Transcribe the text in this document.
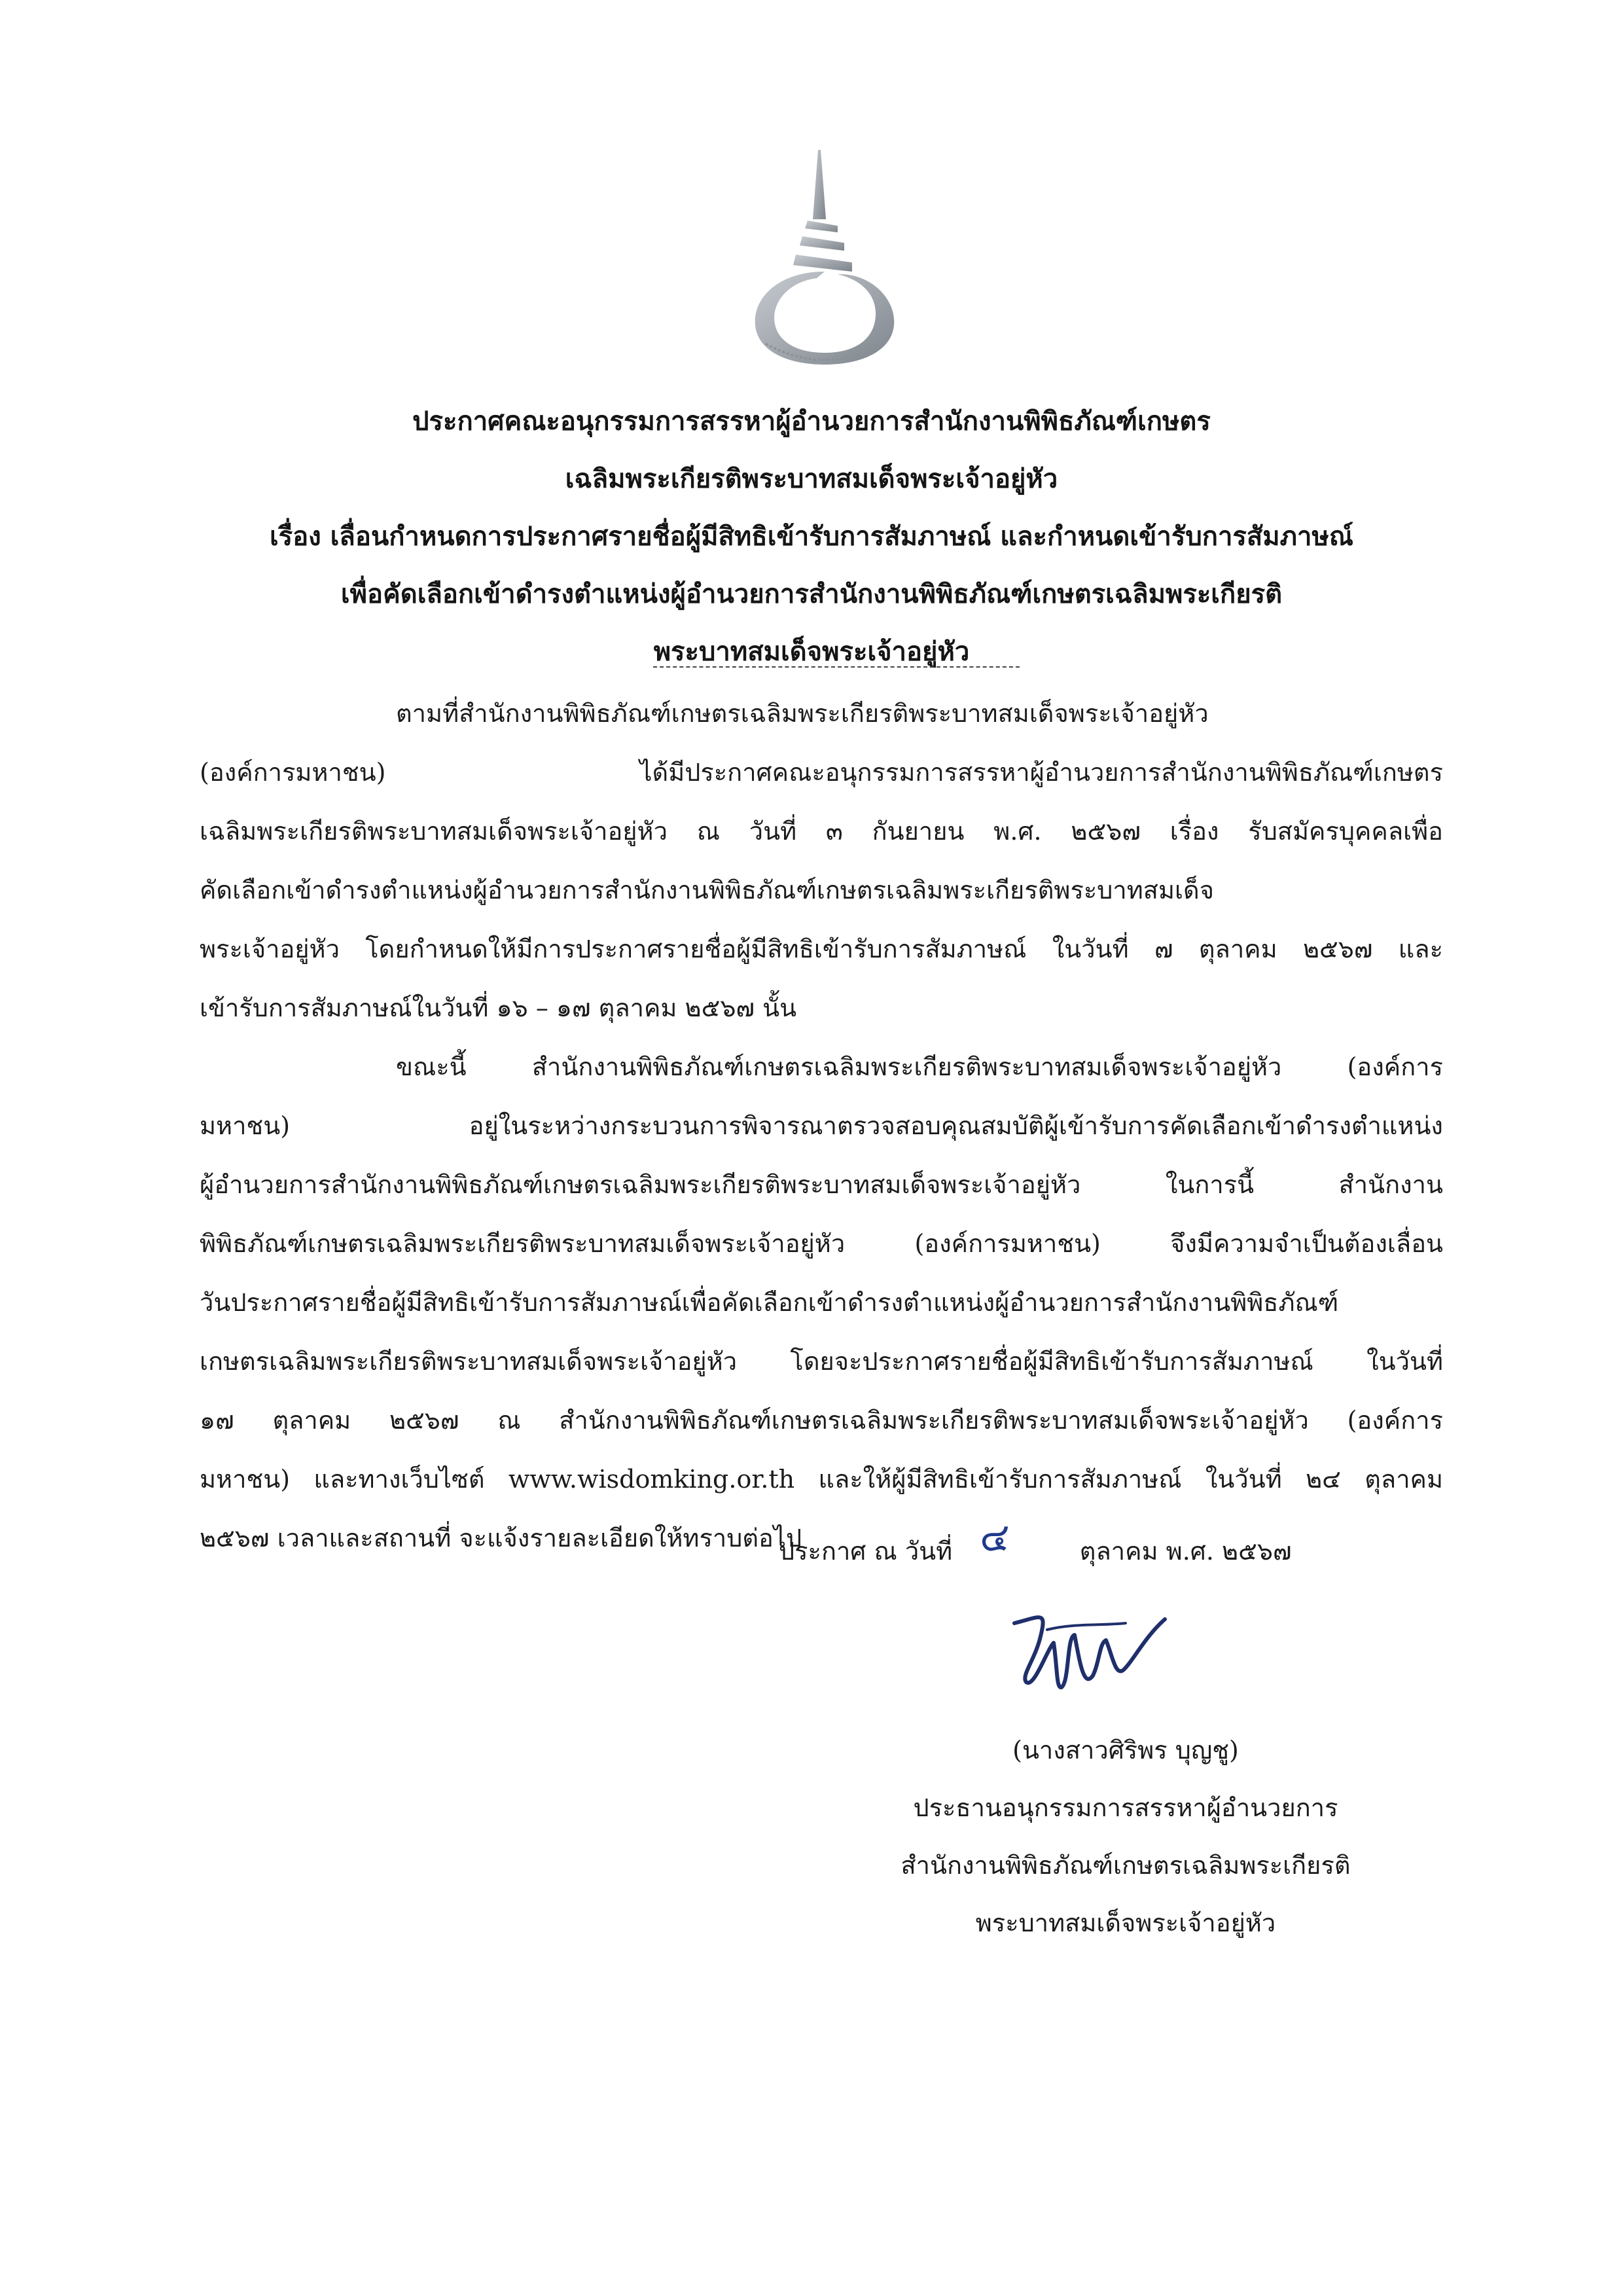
ประกาศคณะอนุกรรมการสรรหาผู้อำนวยการสำนักงานพิพิธภัณฑ์เกษตร
เฉลิมพระเกียรติพระบาทสมเด็จพระเจ้าอยู่หัว
เรื่อง เลื่อนกำหนดการประกาศรายชื่อผู้มีสิทธิเข้ารับการสัมภาษณ์ และกำหนดเข้ารับการสัมภาษณ์
เพื่อคัดเลือกเข้าดำรงตำแหน่งผู้อำนวยการสำนักงานพิพิธภัณฑ์เกษตรเฉลิมพระเกียรติ
พระบาทสมเด็จพระเจ้าอยู่หัว

ตามที่สำนักงานพิพิธภัณฑ์เกษตรเฉลิมพระเกียรติพระบาทสมเด็จพระเจ้าอยู่หัว

(องค์การมหาชน) ได้มีประกาศคณะอนุกรรมการสรรหาผู้อำนวยการสำนักงานพิพิธภัณฑ์เกษตร

เฉลิมพระเกียรติพระบาทสมเด็จพระเจ้าอยู่หัว ณ วันที่ ๓ กันยายน พ.ศ. ๒๕๖๗ เรื่อง รับสมัครบุคคลเพื่อ

คัดเลือกเข้าดำรงตำแหน่งผู้อำนวยการสำนักงานพิพิธภัณฑ์เกษตรเฉลิมพระเกียรติพระบาทสมเด็จ

พระเจ้าอยู่หัว โดยกำหนดให้มีการประกาศรายชื่อผู้มีสิทธิเข้ารับการสัมภาษณ์ ในวันที่ ๗ ตุลาคม ๒๕๖๗ และ

เข้ารับการสัมภาษณ์ในวันที่ ๑๖ – ๑๗ ตุลาคม ๒๕๖๗ นั้น

ขณะนี้ สำนักงานพิพิธภัณฑ์เกษตรเฉลิมพระเกียรติพระบาทสมเด็จพระเจ้าอยู่หัว (องค์การ

มหาชน) อยู่ในระหว่างกระบวนการพิจารณาตรวจสอบคุณสมบัติผู้เข้ารับการคัดเลือกเข้าดำรงตำแหน่ง

ผู้อำนวยการสำนักงานพิพิธภัณฑ์เกษตรเฉลิมพระเกียรติพระบาทสมเด็จพระเจ้าอยู่หัว ในการนี้ สำนักงาน

พิพิธภัณฑ์เกษตรเฉลิมพระเกียรติพระบาทสมเด็จพระเจ้าอยู่หัว (องค์การมหาชน) จึงมีความจำเป็นต้องเลื่อน

วันประกาศรายชื่อผู้มีสิทธิเข้ารับการสัมภาษณ์เพื่อคัดเลือกเข้าดำรงตำแหน่งผู้อำนวยการสำนักงานพิพิธภัณฑ์

เกษตรเฉลิมพระเกียรติพระบาทสมเด็จพระเจ้าอยู่หัว โดยจะประกาศรายชื่อผู้มีสิทธิเข้ารับการสัมภาษณ์ ในวันที่

๑๗ ตุลาคม ๒๕๖๗ ณ สำนักงานพิพิธภัณฑ์เกษตรเฉลิมพระเกียรติพระบาทสมเด็จพระเจ้าอยู่หัว (องค์การ

มหาชน) และทางเว็บไซต์ www.wisdomking.or.th และให้ผู้มีสิทธิเข้ารับการสัมภาษณ์ ในวันที่ ๒๔ ตุลาคม

๒๕๖๗ เวลาและสถานที่ จะแจ้งรายละเอียดให้ทราบต่อไป

ประกาศ ณ วันที่ ๔	ตุลาคม พ.ศ. ๒๕๖๗
(นางสาวศิริพร บุญชู)
ประธานอนุกรรมการสรรหาผู้อำนวยการ
สำนักงานพิพิธภัณฑ์เกษตรเฉลิมพระเกียรติ
พระบาทสมเด็จพระเจ้าอยู่หัว
